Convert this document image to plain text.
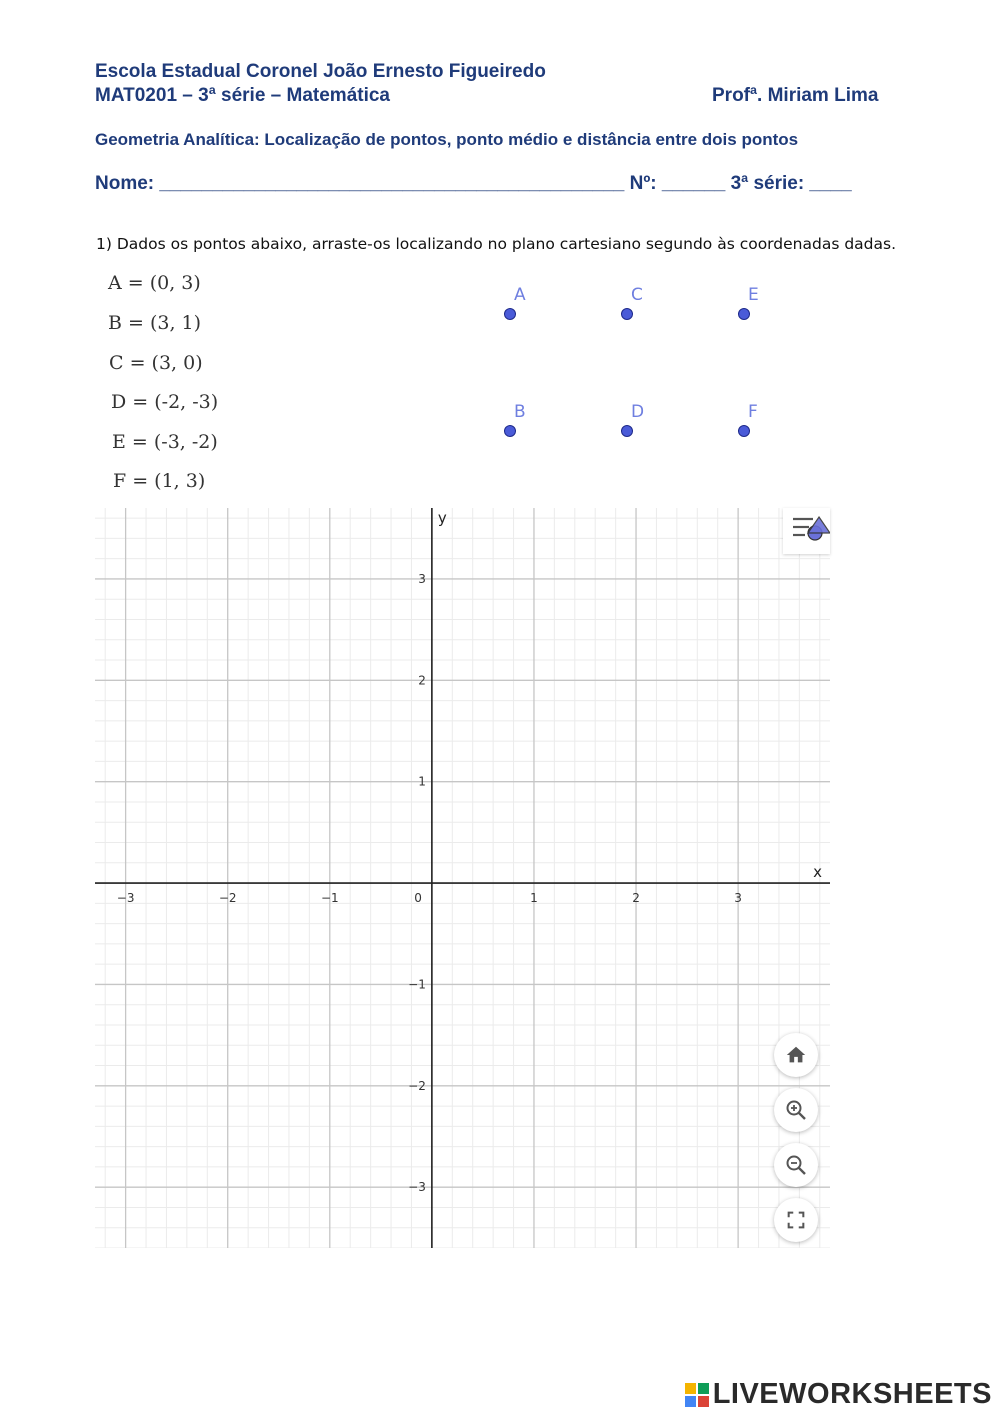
Escola Estadual Coronel João Ernesto Figueiredo
MAT0201 – 3ª série – Matemática	Profª. Miriam Lima
Geometria Analítica: Localização de pontos, ponto médio e distância entre dois pontos
Nome: ____________________________________________ Nº: ______ 3ª série: ____
1) Dados os pontos abaixo, arraste-os localizando no plano cartesiano segundo às coordenadas dadas.
A = (0, 3)
B = (3, 1)
C = (3, 0)
D = (-2, -3)
E = (-3, -2)
F = (1, 3)
A	C	E
B	D	F
−3	−2	−1	1	2	3
3
2
1
−1
−2
−3
0
x
y
LIVEWORKSHEETS
